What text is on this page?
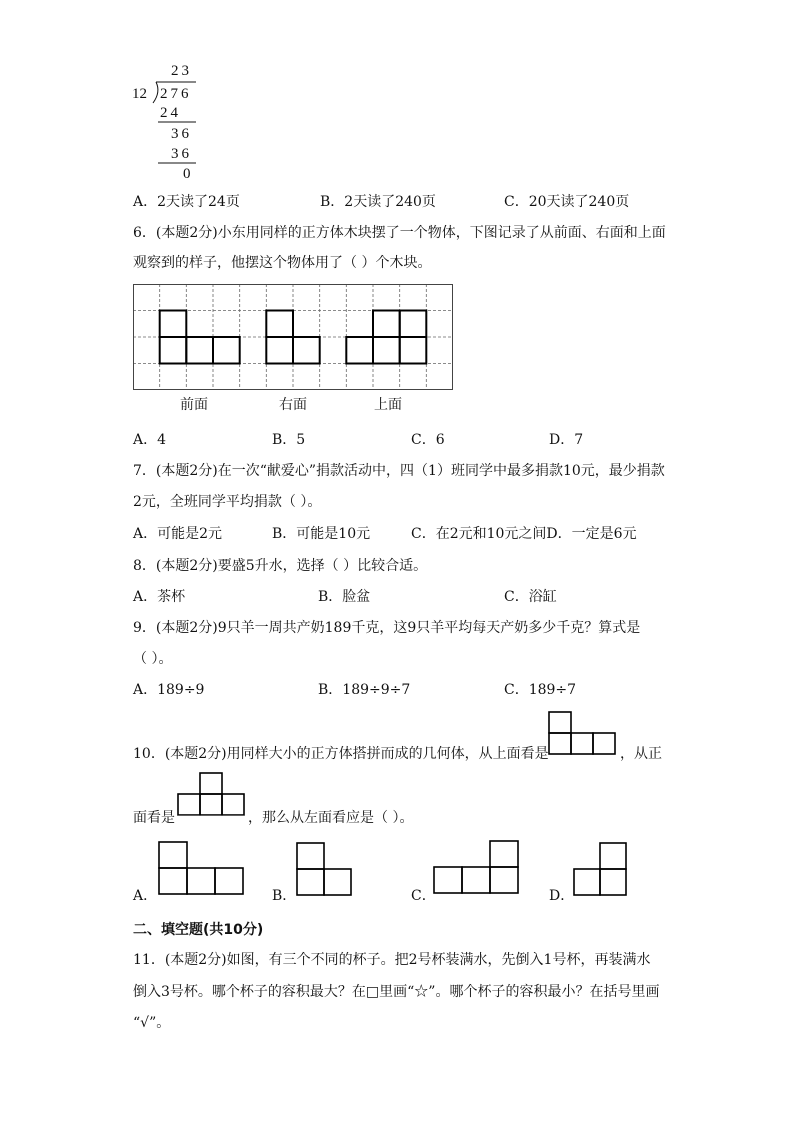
23
12 276
24
36
36
0
A．2天读了24页	B．2天读了240页	C．20天读了240页
6．(本题2分)小东用同样的正方体木块摆了一个物体，下图记录了从前面、右面和上面
观察到的样子，他摆这个物体用了（ ）个木块。
前面	右面	上面
A．4	B．5	C．6	D．7
7．(本题2分)在一次“献爱心”捐款活动中，四（1）班同学中最多捐款10元，最少捐款
2元，全班同学平均捐款（ ）。
A．可能是2元	B．可能是10元	C．在2元和10元之间D．一定是6元
8．(本题2分)要盛5升水，选择（ ）比较合适。
A．茶杯	B．脸盆	C．浴缸
9．(本题2分)9只羊一周共产奶189千克，这9只羊平均每天产奶多少千克？算式是
（ ）。
A．189÷9	B．189÷9÷7	C．189÷7
10．(本题2分)用同样大小的正方体搭拼而成的几何体，从上面看是	，从正
面看是	，那么从左面看应是（ ）。
A．	B．	C．	D．
二、填空题(共10分)
11．(本题2分)如图，有三个不同的杯子。把2号杯装满水，先倒入1号杯，再装满水
倒入3号杯。哪个杯子的容积最大？在□里画“☆”。哪个杯子的容积最小？在括号里画
“√”。
